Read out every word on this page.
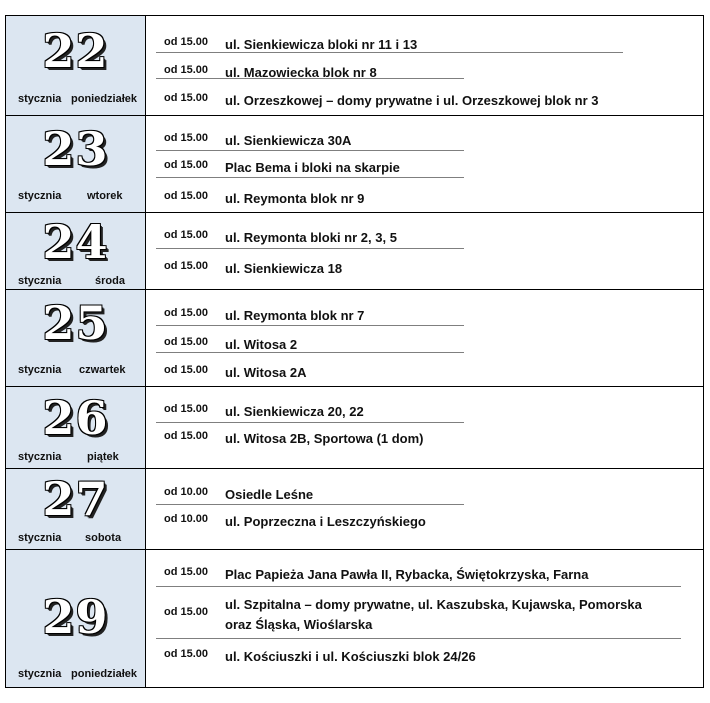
22
stycznia poniedziałek
od 15.00	ul. Sienkiewicza bloki nr 11 i 13
od 15.00	ul. Mazowiecka blok nr 8
od 15.00	ul. Orzeszkowej – domy prywatne i ul. Orzeszkowej blok nr 3
23
stycznia wtorek
od 15.00	ul. Sienkiewicza 30A
od 15.00	Plac Bema i bloki na skarpie
od 15.00	ul. Reymonta blok nr 9
24
stycznia	środa
od 15.00	ul. Reymonta bloki nr 2, 3, 5
od 15.00	ul. Sienkiewicza 18
25
stycznia czwartek
od 15.00	ul. Reymonta blok nr 7
od 15.00	ul. Witosa 2
od 15.00	ul. Witosa 2A
26
stycznia piątek
od 15.00	ul. Sienkiewicza 20, 22
od 15.00	ul. Witosa 2B, Sportowa (1 dom)
27
stycznia sobota
od 10.00	Osiedle Leśne
od 10.00	ul. Poprzeczna i Leszczyńskiego
29
stycznia poniedziałek
od 15.00	Plac Papieża Jana Pawła II, Rybacka, Świętokrzyska, Farna
od 15.00	ul. Szpitalna – domy prywatne, ul. Kaszubska, Kujawska, Pomorska oraz Śląska, Wioślarska
od 15.00	ul. Kościuszki i ul. Kościuszki blok 24/26
